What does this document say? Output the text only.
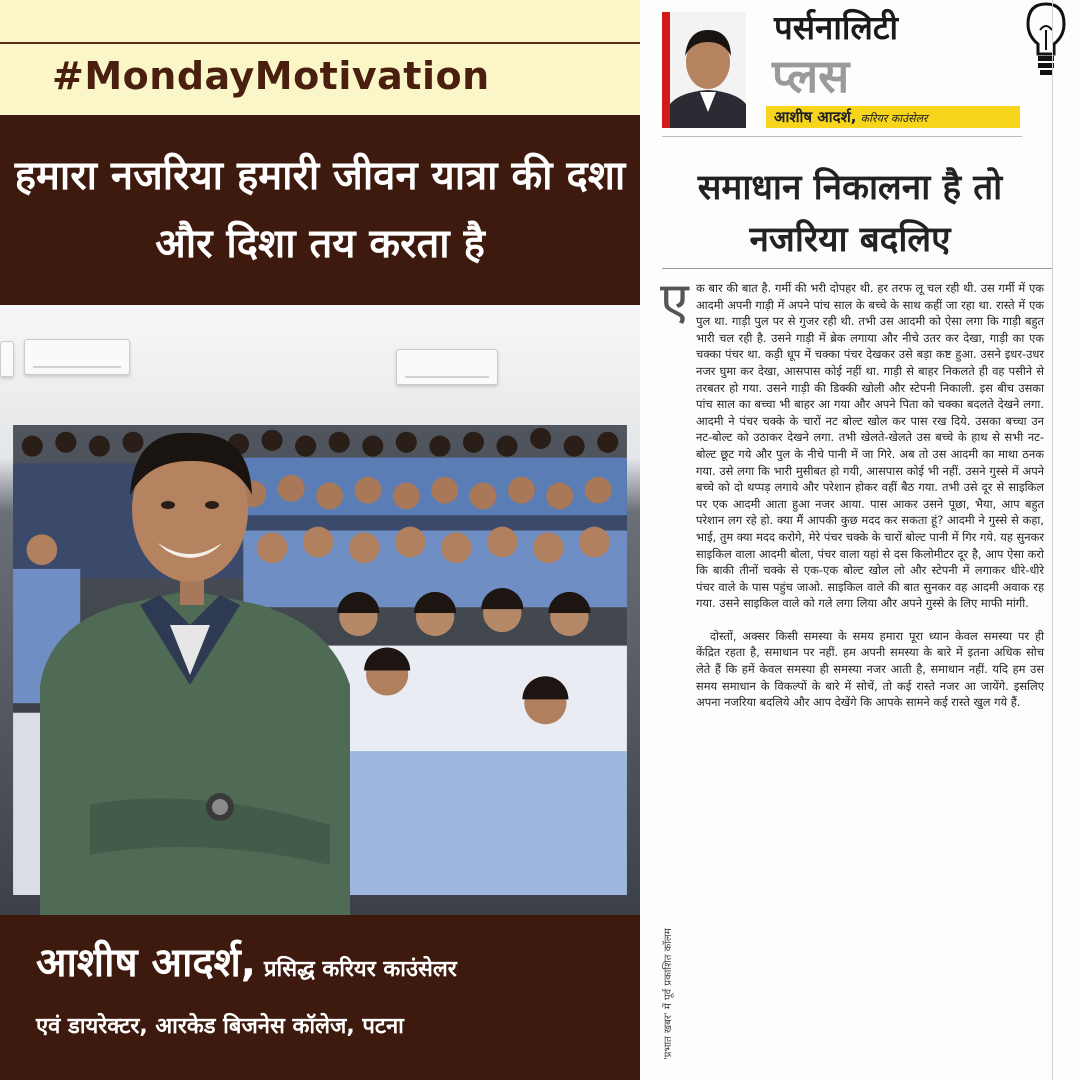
#MondayMotivation
हमारा नजरिया हमारी जीवन यात्रा की दशा और दिशा तय करता है
आशीष आदर्श, प्रसिद्ध करियर काउंसेलर
एवं डायरेक्टर, आरकेड बिजनेस कॉलेज, पटना
पर्सनालिटी
प्लस
आशीष आदर्श, करियर काउंसेलर
समाधान निकालना है तो नजरिया बदलिए
ए क बार की बात है. गर्मी की भरी दोपहर थी. हर तरफ लू चल रही थी. उस गर्मी में एक आदमी अपनी गाड़ी में अपने पांच साल के बच्चे के साथ कहीं जा रहा था. रास्ते में एक पुल था. गाड़ी पुल पर से गुजर रही थी. तभी उस आदमी को ऐसा लगा कि गाड़ी बहुत भारी चल रही है. उसने गाड़ी में ब्रेक लगाया और नीचे उतर कर देखा, गाड़ी का एक चक्का पंचर था. कड़ी धूप में चक्का पंचर देखकर उसे बड़ा कष्ट हुआ. उसने इधर-उधर नजर घुमा कर देखा, आसपास कोई नहीं था. गाड़ी से बाहर निकलते ही वह पसीने से तरबतर हो गया. उसने गाड़ी की डिक्की खोली और स्टेपनी निकाली. इस बीच उसका पांच साल का बच्चा भी बाहर आ गया और अपने पिता को चक्का बदलते देखने लगा. आदमी ने पंचर चक्के के चारों नट बोल्ट खोल कर पास रख दिये. उसका बच्चा उन नट-बोल्ट को उठाकर देखने लगा. तभी खेलते-खेलते उस बच्चे के हाथ से सभी नट-बोल्ट छूट गये और पुल के नीचे पानी में जा गिरे. अब तो उस आदमी का माथा ठनक गया. उसे लगा कि भारी मुसीबत हो गयी, आसपास कोई भी नहीं. उसने गुस्से में अपने बच्चे को दो थप्पड़ लगाये और परेशान होकर वहीं बैठ गया. तभी उसे दूर से साइकिल पर एक आदमी आता हुआ नजर आया. पास आकर उसने पूछा, भैया, आप बहुत परेशान लग रहे हो. क्या मैं आपकी कुछ मदद कर सकता हूं? आदमी ने गुस्से से कहा, भाई, तुम क्या मदद करोगे, मेरे पंचर चक्के के चारों बोल्ट पानी में गिर गये. यह सुनकर साइकिल वाला आदमी बोला, पंचर वाला यहां से दस किलोमीटर दूर है, आप ऐसा करो कि बाकी तीनों चक्के से एक-एक बोल्ट खोल लो और स्टेपनी में लगाकर धीरे-धीरे पंचर वाले के पास पहुंच जाओ. साइकिल वाले की बात सुनकर वह आदमी अवाक रह गया. उसने साइकिल वाले को गले लगा लिया और अपने गुस्से के लिए माफी मांगी.

दोस्तों, अक्सर किसी समस्या के समय हमारा पूरा ध्यान केवल समस्या पर ही केंद्रित रहता है, समाधान पर नहीं. हम अपनी समस्या के बारे में इतना अधिक सोच लेते हैं कि हमें केवल समस्या ही समस्या नजर आती है, समाधान नहीं. यदि हम उस समय समाधान के विकल्पों के बारे में सोचें, तो कई रास्ते नजर आ जायेंगे. इसलिए अपना नजरिया बदलिये और आप देखेंगे कि आपके सामने कई रास्ते खुल गये हैं.

'प्रभात खबर' में पूर्व प्रकाशित कॉलम
